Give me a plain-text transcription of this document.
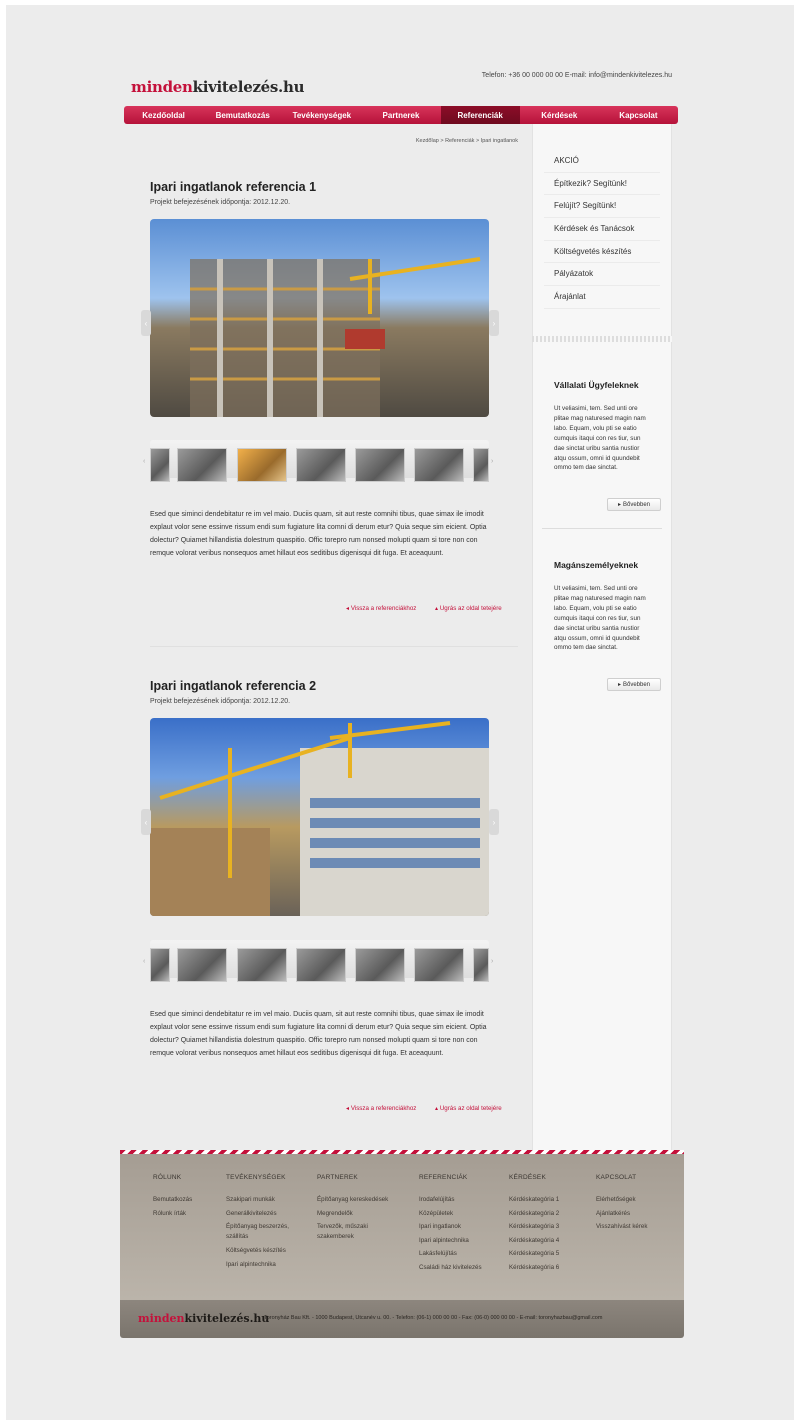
mindenkivitelezés.hu
Telefon: +36 00 000 00 00 E-mail: info@mindenkivitelezes.hu
Kezdőoldal	Bemutatkozás	Tevékenységek	Partnerek	Referenciák	Kérdések	Kapcsolat
Kezdőlap > Referenciák > Ipari ingatlanok
AKCIÓ
Építkezik? Segítünk!
Felújít? Segítünk!
Kérdések és Tanácsok
Költségvetés készítés
Pályázatok
Árajánlat
Vállalati Ügyfeleknek

Ut veliasimi, tem. Sed unti ore plitae mag naturesed magin nam labo. Equam, volu pti se eatio cumquis itaqui con res tiur, sun dae sinctat uribu santia nustior atqu ossum, omni id quundebit ommo tem dae sinctat.

▸ Bővebben
Magánszemélyeknek

Ut veliasimi, tem. Sed unti ore plitae mag naturesed magin nam labo. Equam, volu pti se eatio cumquis itaqui con res tiur, sun dae sinctat uribu santia nustior atqu ossum, omni id quundebit ommo tem dae sinctat.

▸ Bővebben
Ipari ingatlanok referencia 1
Projekt befejezésének időpontja: 2012.12.20.
‹	›
‹	›
Esed que siminci dendebitatur re im vel maio. Duciis quam, sit aut reste comnihi tibus, quae simax ile imodit explaut volor sene essinve rissum endi sum fugiature lita comni di derum etur? Quia seque sim eicient. Optia dolectur? Quiamet hillandistia dolestrum quaspitio. Offic torepro rum nonsed molupti quam si tore non con remque volorat veribus nonsequos amet hillaut eos seditibus digenisqui dit fuga. Et aceaquunt.
◂ Vissza a referenciákhoz	▴ Ugrás az oldal tetejére
Ipari ingatlanok referencia 2
Projekt befejezésének időpontja: 2012.12.20.
‹	›
‹	›
Esed que siminci dendebitatur re im vel maio. Duciis quam, sit aut reste comnihi tibus, quae simax ile imodit explaut volor sene essinve rissum endi sum fugiature lita comni di derum etur? Quia seque sim eicient. Optia dolectur? Quiamet hillandistia dolestrum quaspitio. Offic torepro rum nonsed molupti quam si tore non con remque volorat veribus nonsequos amet hillaut eos seditibus digenisqui dit fuga. Et aceaquunt.
◂ Vissza a referenciákhoz	▴ Ugrás az oldal tetejére
RÓLUNK
Bemutatkozás
Rólunk írták
TEVÉKENYSÉGEK
Szakipari munkák
Generálkivitelezés
Építőanyag beszerzés, szállítás
Költségvetés készítés
Ipari alpintechnika
PARTNEREK
Építőanyag kereskedések
Megrendelők
Tervezők, műszaki szakemberek
REFERENCIÁK
Irodafelújítás
Középületek
Ipari ingatlanok
Ipari alpintechnika
Lakásfelújítás
Családi ház kivitelezés
KÉRDÉSEK
Kérdéskategória 1
Kérdéskategória 2
Kérdéskategória 3
Kérdéskategória 4
Kérdéskategória 5
Kérdéskategória 6
KAPCSOLAT
Elérhetőségek
Ajánlatkérés
Visszahívást kérek
mindenkivitelezés.hu
Toronyház Bau Kft. - 1000 Budapest, Utcanév u. 00. - Telefon: (06-1) 000 00 00 - Fax: (06-0) 000 00 00 - E-mail: toronyhazbau@gmail.com
